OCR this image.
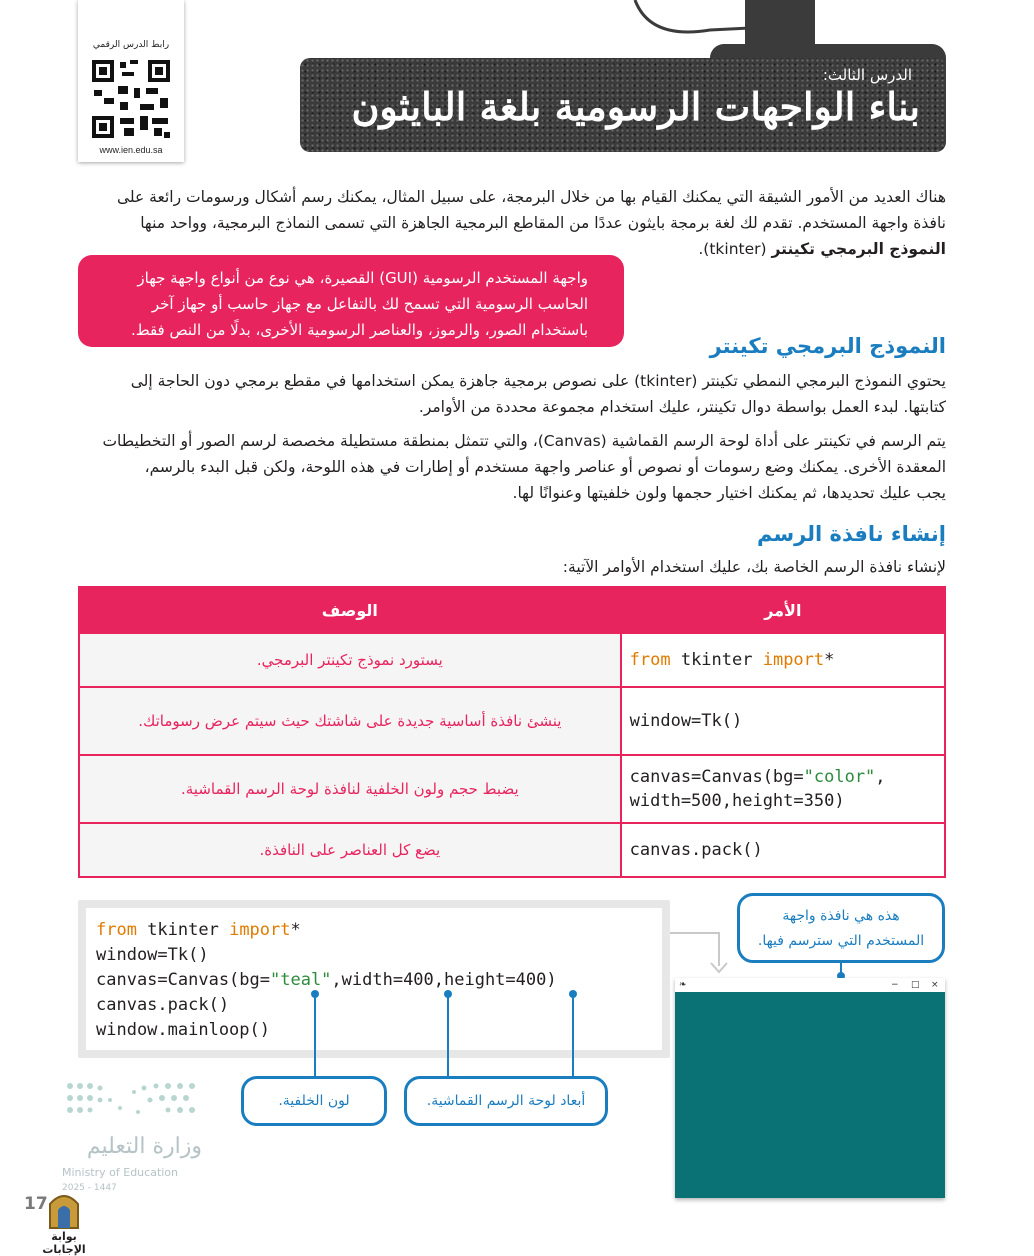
الدرس الثالث:
بناء الواجهات الرسومية بلغة البايثون
رابط الدرس الرقمي
www.ien.edu.sa
هناك العديد من الأمور الشيقة التي يمكنك القيام بها من خلال البرمجة، على سبيل المثال، يمكنك رسم أشكال ورسومات رائعة على
نافذة واجهة المستخدم. تقدم لك لغة برمجة بايثون عددًا من المقاطع البرمجية الجاهزة التي تسمى النماذج البرمجية، وواحد منها
النموذج البرمجي تكينتر (tkinter).
واجهة المستخدم الرسومية (GUI) القصيرة، هي نوع من أنواع واجهة جهاز
الحاسب الرسومية التي تسمح لك بالتفاعل مع جهاز حاسب أو جهاز آخر
باستخدام الصور، والرموز، والعناصر الرسومية الأخرى، بدلًا من النص فقط.
النموذج البرمجي تكينتر
يحتوي النموذج البرمجي النمطي تكينتر (tkinter) على نصوص برمجية جاهزة يمكن استخدامها في مقطع برمجي دون الحاجة إلى
كتابتها. لبدء العمل بواسطة دوال تكينتر، عليك استخدام مجموعة محددة من الأوامر.
يتم الرسم في تكينتر على أداة لوحة الرسم القماشية (Canvas)، والتي تتمثل بمنطقة مستطيلة مخصصة لرسم الصور أو التخطيطات
المعقدة الأخرى. يمكنك وضع رسومات أو نصوص أو عناصر واجهة مستخدم أو إطارات في هذه اللوحة، ولكن قبل البدء بالرسم،
يجب عليك تحديدها، ثم يمكنك اختيار حجمها ولون خلفيتها وعنوانًا لها.
إنشاء نافذة الرسم
لإنشاء نافذة الرسم الخاصة بك، عليك استخدام الأوامر الآتية:
الوصف	الأمر
يستورد نموذج تكينتر البرمجي.	from tkinter import*
ينشئ نافذة أساسية جديدة على شاشتك حيث سيتم عرض رسوماتك.	window=Tk()
يضبط حجم ولون الخلفية لنافذة لوحة الرسم القماشية.	canvas=Canvas(bg="color",
width=500,height=350)
يضع كل العناصر على النافذة.	canvas.pack()
from tkinter import*
window=Tk()
canvas=Canvas(bg="teal",width=400,height=400)
canvas.pack()
window.mainloop()
لون الخلفية.	أبعاد لوحة الرسم القماشية.
هذه هي نافذة واجهة
المستخدم التي سترسم فيها.
❧	− □ ×
وزارة التعليم
Ministry of Education
2025 - 1447
17
بوابة الإجابات
